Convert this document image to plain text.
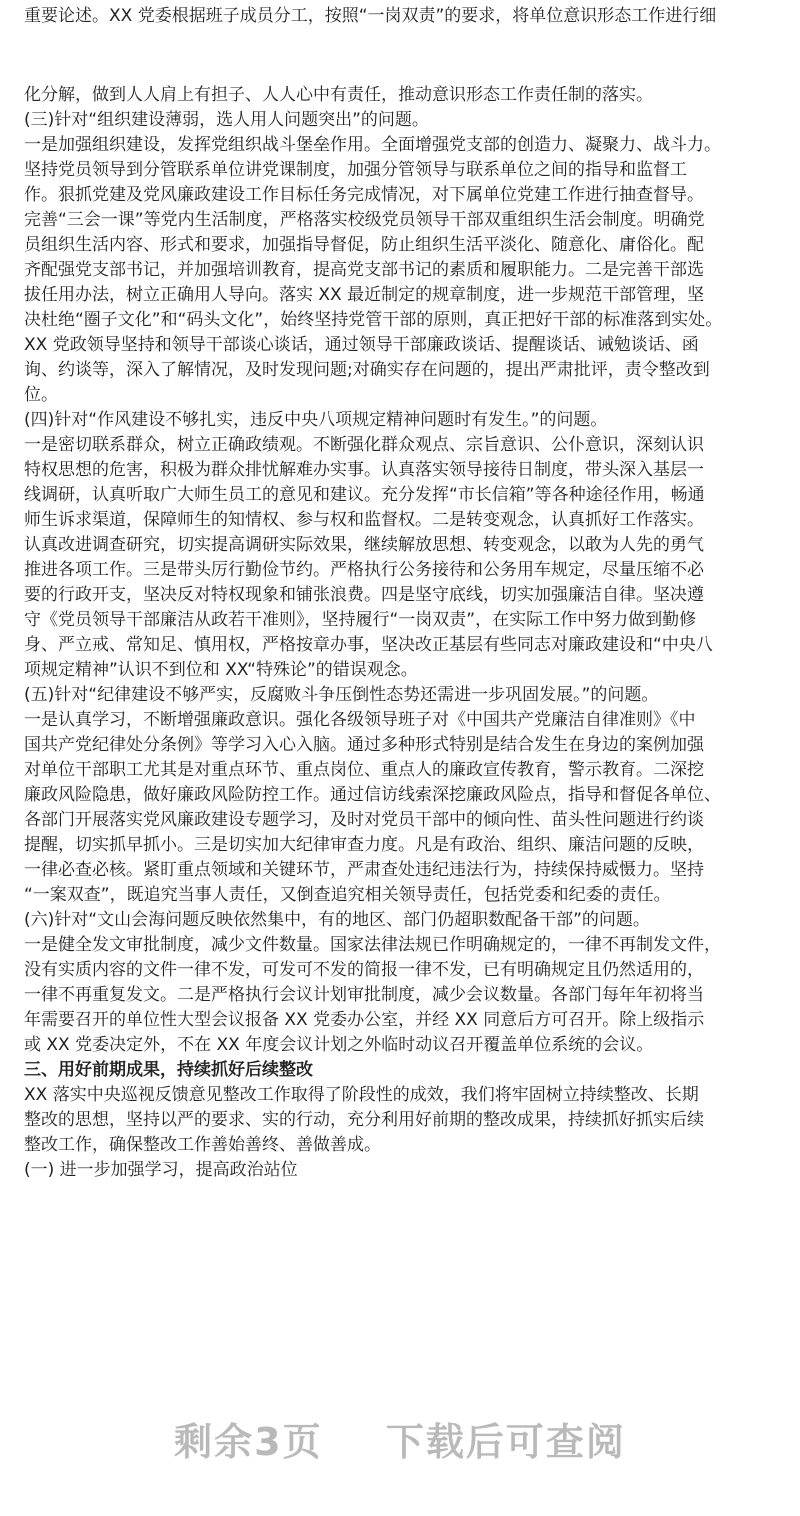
重要论述。XX 党委根据班子成员分工，按照“一岗双责”的要求，将单位意识形态工作进行细
化分解，做到人人肩上有担子、人人心中有责任，推动意识形态工作责任制的落实。
(三)针对“组织建设薄弱，选人用人问题突出”的问题。
一是加强组织建设，发挥党组织战斗堡垒作用。全面增强党支部的创造力、凝聚力、战斗力。
坚持党员领导到分管联系单位讲党课制度，加强分管领导与联系单位之间的指导和监督工
作。狠抓党建及党风廉政建设工作目标任务完成情况，对下属单位党建工作进行抽查督导。
完善“三会一课”等党内生活制度，严格落实校级党员领导干部双重组织生活会制度。明确党
员组织生活内容、形式和要求，加强指导督促，防止组织生活平淡化、随意化、庸俗化。配
齐配强党支部书记，并加强培训教育，提高党支部书记的素质和履职能力。二是完善干部选
拔任用办法，树立正确用人导向。落实 XX 最近制定的规章制度，进一步规范干部管理，坚
决杜绝“圈子文化”和“码头文化”，始终坚持党管干部的原则，真正把好干部的标准落到实处。
XX 党政领导坚持和领导干部谈心谈话，通过领导干部廉政谈话、提醒谈话、诫勉谈话、函
询、约谈等，深入了解情况，及时发现问题;对确实存在问题的，提出严肃批评，责令整改到
位。
(四)针对“作风建设不够扎实，违反中央八项规定精神问题时有发生。”的问题。
一是密切联系群众，树立正确政绩观。不断强化群众观点、宗旨意识、公仆意识，深刻认识
特权思想的危害，积极为群众排忧解难办实事。认真落实领导接待日制度，带头深入基层一
线调研，认真听取广大师生员工的意见和建议。充分发挥“市长信箱”等各种途径作用，畅通
师生诉求渠道，保障师生的知情权、参与权和监督权。二是转变观念，认真抓好工作落实。
认真改进调查研究，切实提高调研实际效果，继续解放思想、转变观念，以敢为人先的勇气
推进各项工作。三是带头厉行勤俭节约。严格执行公务接待和公务用车规定，尽量压缩不必
要的行政开支，坚决反对特权现象和铺张浪费。四是坚守底线，切实加强廉洁自律。坚决遵
守《党员领导干部廉洁从政若干准则》，坚持履行“一岗双责”，在实际工作中努力做到勤修
身、严立戒、常知足、慎用权，严格按章办事，坚决改正基层有些同志对廉政建设和“中央八
项规定精神”认识不到位和 XX“特殊论”的错误观念。
(五)针对“纪律建设不够严实，反腐败斗争压倒性态势还需进一步巩固发展。”的问题。
一是认真学习，不断增强廉政意识。强化各级领导班子对《中国共产党廉洁自律准则》《中
国共产党纪律处分条例》等学习入心入脑。通过多种形式特别是结合发生在身边的案例加强
对单位干部职工尤其是对重点环节、重点岗位、重点人的廉政宣传教育，警示教育。二深挖
廉政风险隐患，做好廉政风险防控工作。通过信访线索深挖廉政风险点，指导和督促各单位、
各部门开展落实党风廉政建设专题学习，及时对党员干部中的倾向性、苗头性问题进行约谈
提醒，切实抓早抓小。三是切实加大纪律审查力度。凡是有政治、组织、廉洁问题的反映，
一律必查必核。紧盯重点领域和关键环节，严肃查处违纪违法行为，持续保持威慑力。坚持
“一案双查”，既追究当事人责任，又倒查追究相关领导责任，包括党委和纪委的责任。
(六)针对“文山会海问题反映依然集中，有的地区、部门仍超职数配备干部”的问题。
一是健全发文审批制度，减少文件数量。国家法律法规已作明确规定的，一律不再制发文件，
没有实质内容的文件一律不发，可发可不发的简报一律不发，已有明确规定且仍然适用的，
一律不再重复发文。二是严格执行会议计划审批制度，减少会议数量。各部门每年年初将当
年需要召开的单位性大型会议报备 XX 党委办公室，并经 XX 同意后方可召开。除上级指示
或 XX 党委决定外，不在 XX 年度会议计划之外临时动议召开覆盖单位系统的会议。
三、用好前期成果，持续抓好后续整改
XX 落实中央巡视反馈意见整改工作取得了阶段性的成效，我们将牢固树立持续整改、长期
整改的思想，坚持以严的要求、实的行动，充分利用好前期的整改成果，持续抓好抓实后续
整改工作，确保整改工作善始善终、善做善成。
(一) 进一步加强学习，提高政治站位
剩余3页 下载后可查阅
